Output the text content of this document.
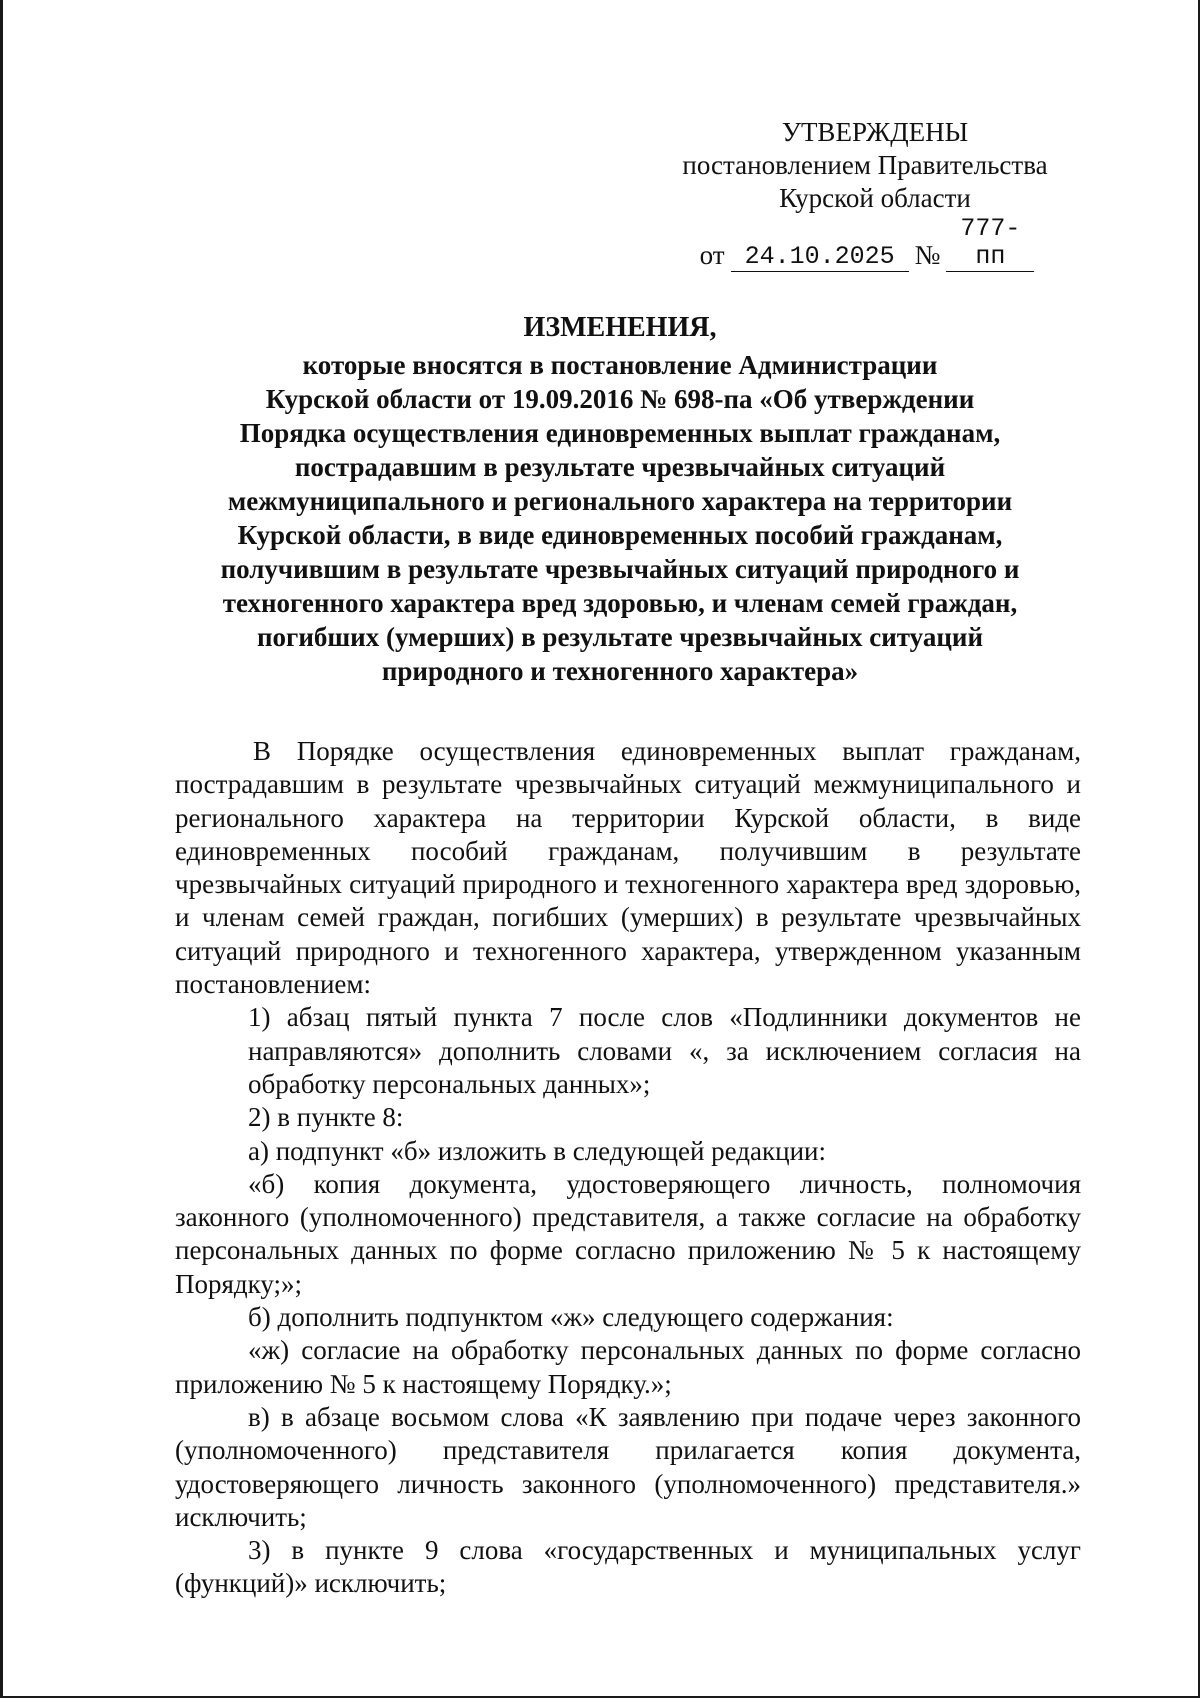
УТВЕРЖДЕНЫ
постановлением Правительства
Курской области
от 24.10.2025 №
777-пп
ИЗМЕНЕНИЯ,
которые вносятся в постановление Администрации
Курской области от 19.09.2016 № 698-па «Об утверждении
Порядка осуществления единовременных выплат гражданам,
пострадавшим в результате чрезвычайных ситуаций
межмуниципального и регионального характера на территории
Курской области, в виде единовременных пособий гражданам,
получившим в результате чрезвычайных ситуаций природного и
техногенного характера вред здоровью, и членам семей граждан,
погибших (умерших) в результате чрезвычайных ситуаций
природного и техногенного характера»

В Порядке осуществления единовременных выплат гражданам, пострадавшим в результате чрезвычайных ситуаций межмуниципального и регионального характера на территории Курской области, в виде единовременных пособий гражданам, получившим в результате чрезвычайных ситуаций природного и техногенного характера вред здоровью, и членам семей граждан, погибших (умерших) в результате чрезвычайных ситуаций природного и техногенного характера, утвержденном указанным постановлением:

1) абзац пятый пункта 7 после слов «Подлинники документов не направляются» дополнить словами «, за исключением согласия на обработку персональных данных»;

2) в пункте 8:

а) подпункт «б» изложить в следующей редакции:

«б) копия документа, удостоверяющего личность, полномочия законного (уполномоченного) представителя, а также согласие на обработку персональных данных по форме согласно приложению № 5 к настоящему Порядку;»;

б) дополнить подпунктом «ж» следующего содержания:

«ж) согласие на обработку персональных данных по форме согласно приложению № 5 к настоящему Порядку.»;

в) в абзаце восьмом слова «К заявлению при подаче через законного (уполномоченного) представителя прилагается копия документа, удостоверяющего личность законного (уполномоченного) представителя.» исключить;

3) в пункте 9 слова «государственных и муниципальных услуг (функций)» исключить;
